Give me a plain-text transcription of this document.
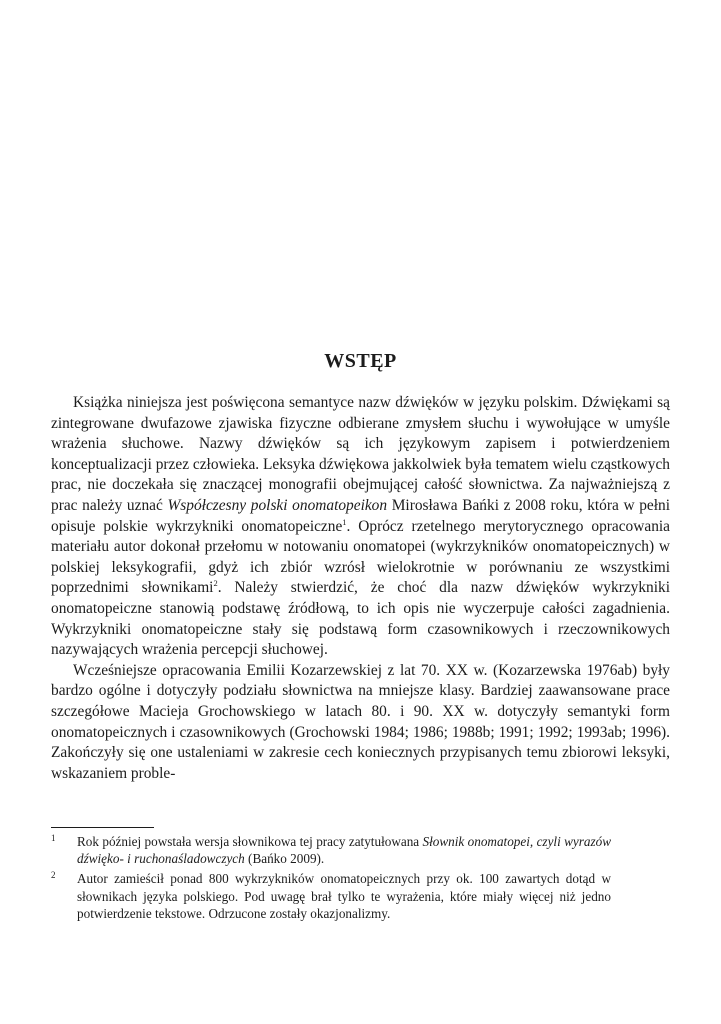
WSTĘP

Książka niniejsza jest poświęcona semantyce nazw dźwięków w języku polskim. Dźwiękami są zintegrowane dwufazowe zjawiska fizyczne odbierane zmysłem słuchu i wywołujące w umyśle wrażenia słuchowe. Nazwy dźwięków są ich językowym zapisem i potwierdzeniem konceptualizacji przez człowieka. Leksyka dźwiękowa jakkolwiek była tematem wielu cząstkowych prac, nie doczekała się znaczącej monografii obejmującej całość słownictwa. Za najważniejszą z prac należy uznać Współczesny polski onomatopeikon Mirosława Bańki z 2008 roku, która w pełni opisuje polskie wykrzykniki onomatopeiczne$^1$. Oprócz rzetelnego merytorycznego opracowania materiału autor dokonał przełomu w notowaniu onomatopei (wykrzykników onomatopeicznych) w polskiej leksykografii, gdyż ich zbiór wzrósł wielokrotnie w porównaniu ze wszystkimi poprzednimi słownikami$^2$. Należy stwierdzić, że choć dla nazw dźwięków wykrzykniki onomatopeiczne stanowią podstawę źródłową, to ich opis nie wyczerpuje całości zagadnienia. Wykrzykniki onomatopeiczne stały się podstawą form czasownikowych i rzeczownikowych nazywających wrażenia percepcji słuchowej.

Wcześniejsze opracowania Emilii Kozarzewskiej z lat 70. XX w. (Kozarzewska 1976ab) były bardzo ogólne i dotyczyły podziału słownictwa na mniejsze klasy. Bardziej zaawansowane prace szczegółowe Macieja Grochowskiego w latach 80. i 90. XX w. dotyczyły semantyki form onomatopeicznych i czasownikowych (Grochowski 1984; 1986; 1988b; 1991; 1992; 1993ab; 1996). Zakończyły się one ustaleniami w zakresie cech koniecznych przypisanych temu zbiorowi leksyki, wskazaniem proble-

1 Rok później powstała wersja słownikowa tej pracy zatytułowana Słownik onomatopei, czyli wyrazów dźwięko- i ruchonaśladowczych (Bańko 2009).
2 Autor zamieścił ponad 800 wykrzykników onomatopeicznych przy ok. 100 zawartych dotąd w słownikach języka polskiego. Pod uwagę brał tylko te wyrażenia, które miały więcej niż jedno potwierdzenie tekstowe. Odrzucone zostały okazjonalizmy.
